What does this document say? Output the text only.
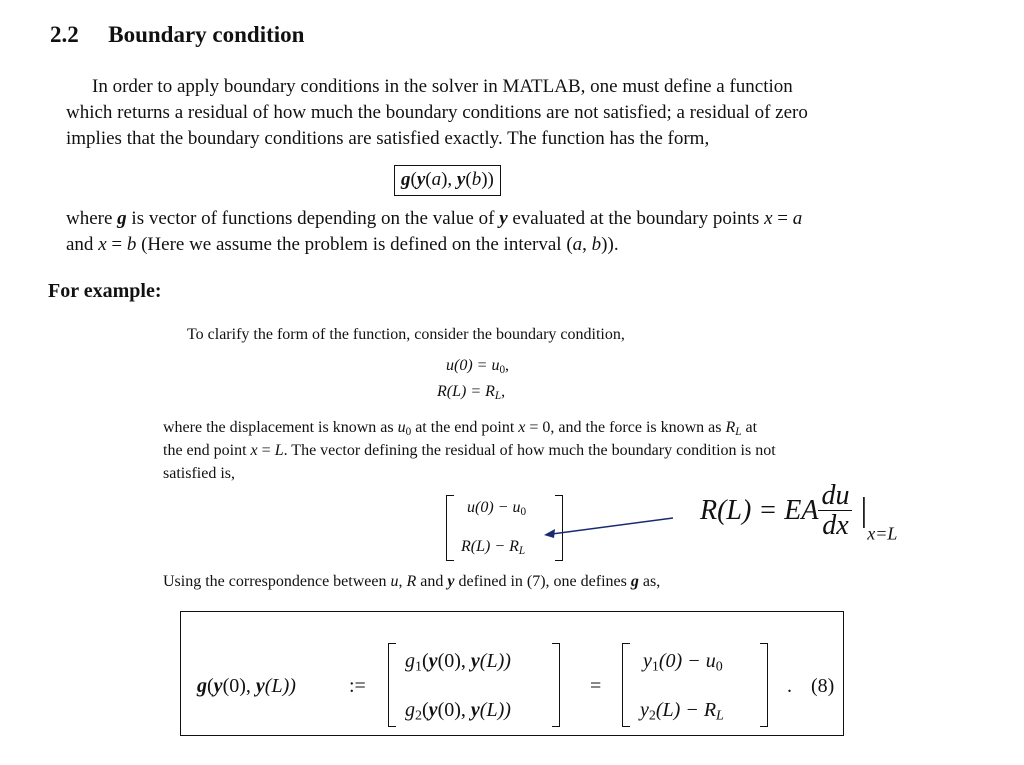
2.2 Boundary condition
In order to apply boundary conditions in the solver in MATLAB, one must define a function
which returns a residual of how much the boundary conditions are not satisfied; a residual of zero
implies that the boundary conditions are satisfied exactly. The function has the form,
g(y(a), y(b))
where g is vector of functions depending on the value of y evaluated at the boundary points x = a
and x = b (Here we assume the problem is defined on the interval (a, b)).
For example:
To clarify the form of the function, consider the boundary condition,
$u(0) = u_0$,
$R(L) = R_L$,
where the displacement is known as $u_0$ at the end point x = 0, and the force is known as $R_L$ at
the end point x = L. The vector defining the residual of how much the boundary condition is not
satisfied is,
$u(0) - u_0$
$R(L) - R_L$
R(L) = EA $\frac{du}{dx} |_{x=L}$
Using the correspondence between u, R and y defined in (7), one defines g as,
g(y(0), y(L))	:=
$g_1(y(0)$, y(L))
$g_2(y(0)$, y(L))
=
$y_1(0) - u_0$
$y_2(L) - R_L$
. (8)
